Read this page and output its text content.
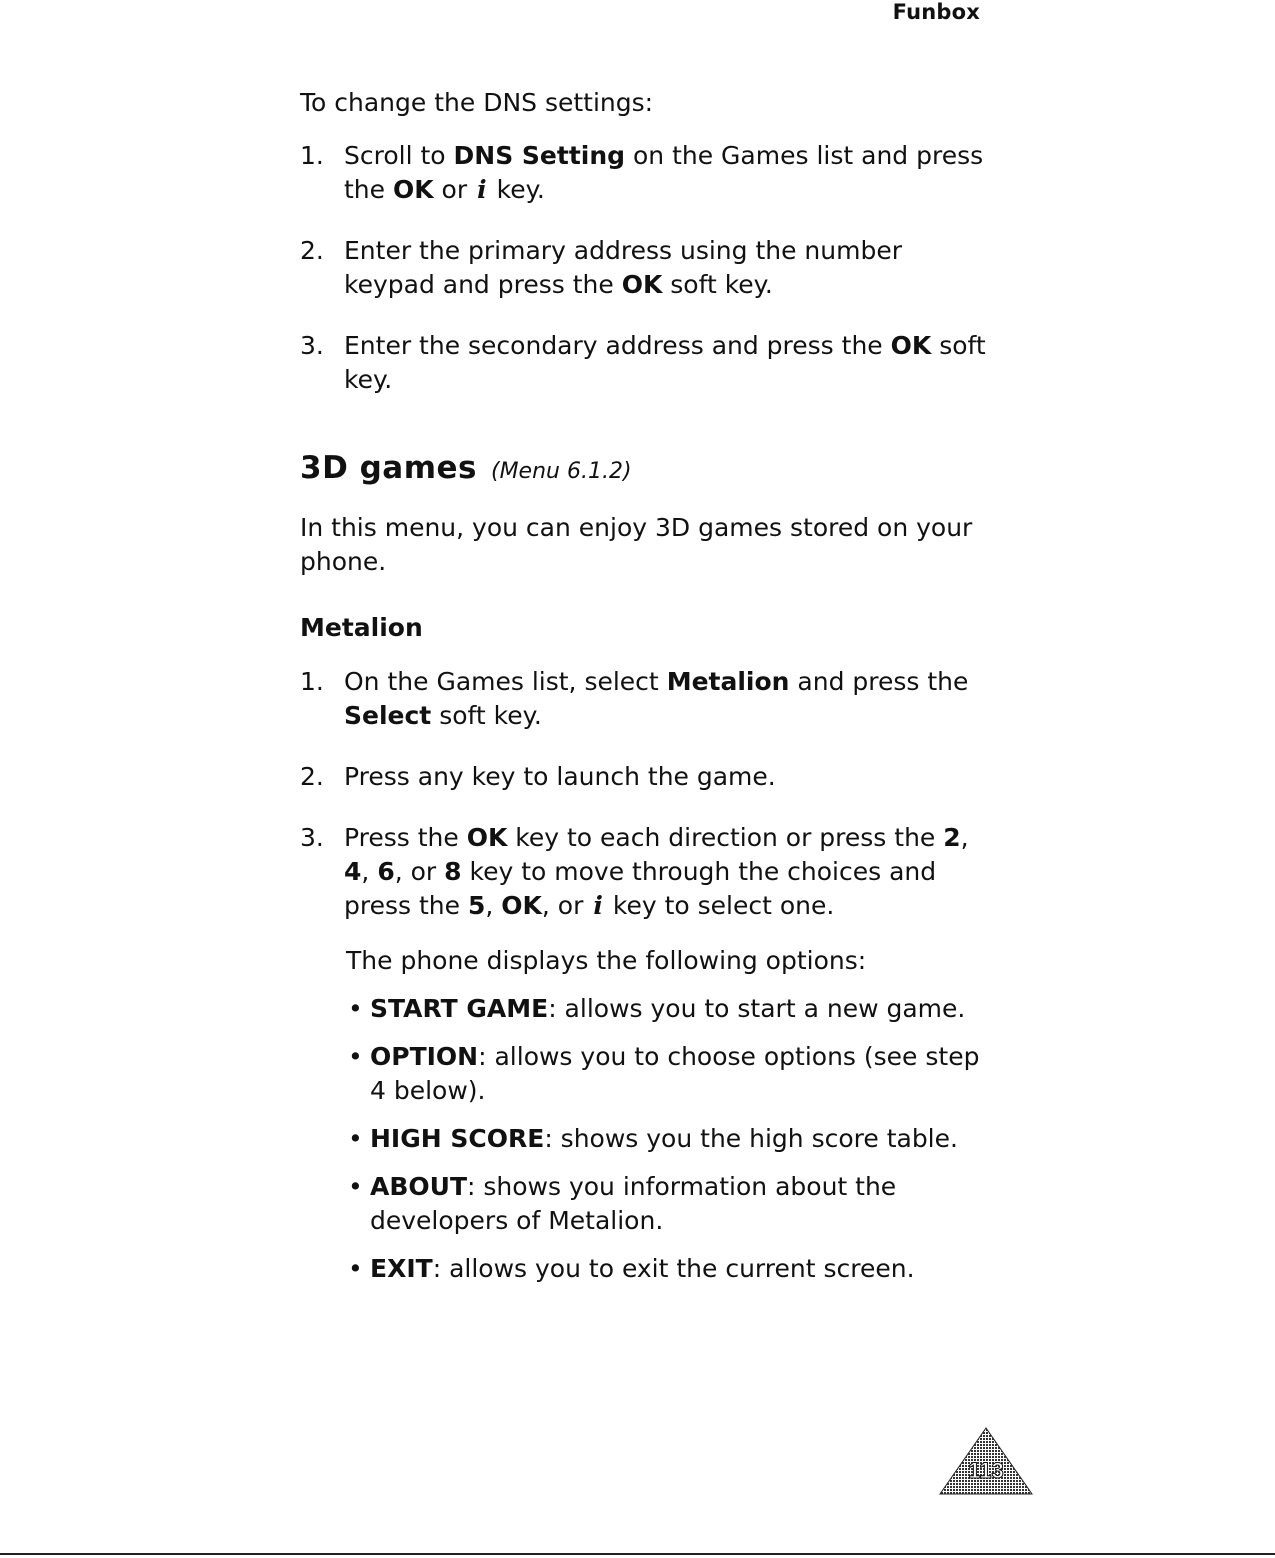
Funbox

To change the DNS settings:

1. Scroll to DNS Setting on the Games list and press the OK or i key.
2. Enter the primary address using the number keypad and press the OK soft key.
3. Enter the secondary address and press the OK soft key.
3D games (Menu 6.1.2)

In this menu, you can enjoy 3D games stored on your phone.

Metalion
1. On the Games list, select Metalion and press the Select soft key.
2. Press any key to launch the game.
3. Press the OK key to each direction or press the 2, 4, 6, or 8 key to move through the choices and press the 5, OK, or i key to select one.

The phone displays the following options:

• START GAME: allows you to start a new game.
• OPTION: allows you to choose options (see step 4 below).
• HIGH SCORE: shows you the high score table.
• ABOUT: shows you information about the developers of Metalion.
• EXIT: allows you to exit the current screen.
113
